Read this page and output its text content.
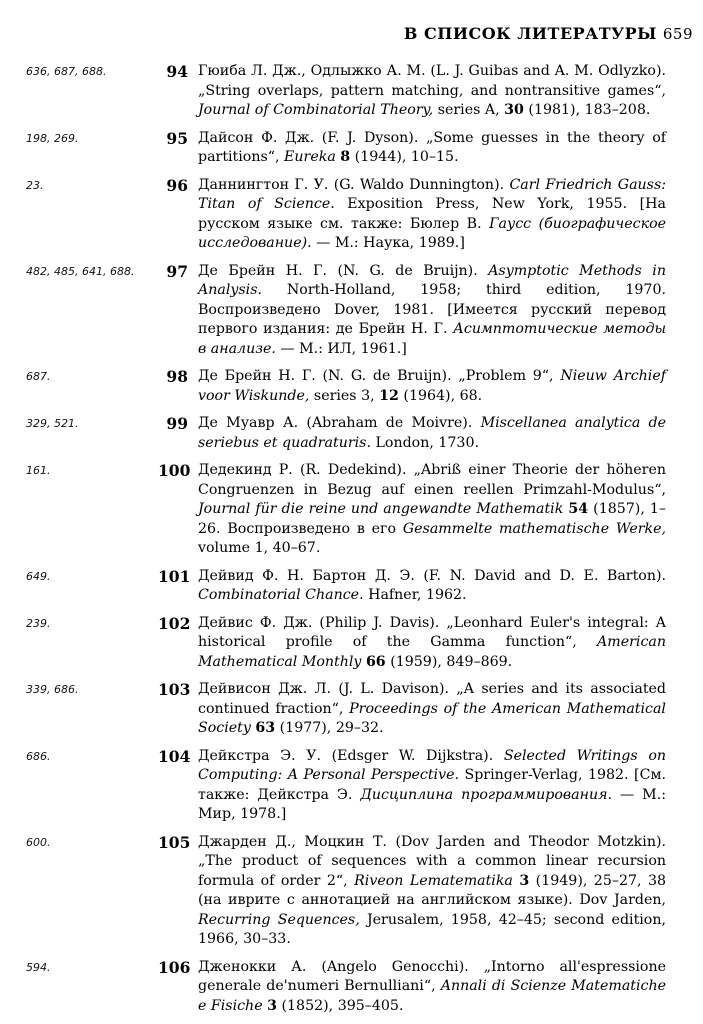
В СПИСОК ЛИТЕРАТУРЫ 659
636, 687, 688.	94 Гюиба Л. Дж., Одлыжко А. М. (L. J. Guibas and A. M. Odlyzko). „String overlaps, pattern matching, and nontransitive games“, Journal of Combinatorial Theory, series A, 30 (1981), 183–208.
198, 269.	95 Дайсон Ф. Дж. (F. J. Dyson). „Some guesses in the theory of partitions“, Eureka 8 (1944), 10–15.
23.	96 Даннингтон Г. У. (G. Waldo Dunnington). Carl Friedrich Gauss: Titan of Science. Exposition Press, New York, 1955. [На русском языке см. также: Бюлер В. Гаусс (биографическое исследование). — М.: Наука, 1989.]
482, 485, 641, 688.	97 Де Брейн Н. Г. (N. G. de Bruijn). Asymptotic Methods in Analysis. North-Holland, 1958; third edition, 1970. Воспроизведено Dover, 1981. [Имеется русский перевод первого издания: де Брейн Н. Г. Асимптотические методы в анализе. — М.: ИЛ, 1961.]
687.	98 Де Брейн Н. Г. (N. G. de Bruijn). „Problem 9“, Nieuw Archief voor Wiskunde, series 3, 12 (1964), 68.
329, 521.	99 Де Муавр А. (Abraham de Moivre). Miscellanea analytica de seriebus et quadraturis. London, 1730.
161.	100 Дедекинд Р. (R. Dedekind). „Abriß einer Theorie der höheren Congruenzen in Bezug auf einen reellen Primzahl-Modulus“, Journal für die reine und angewandte Mathematik 54 (1857), 1–26. Воспроизведено в его Gesammelte mathematische Werke, volume 1, 40–67.
649.	101 Дейвид Ф. Н. Бартон Д. Э. (F. N. David and D. E. Barton). Combinatorial Chance. Hafner, 1962.
239.	102 Дейвис Ф. Дж. (Philip J. Davis). „Leonhard Euler's integral: A historical profile of the Gamma function“, American Mathematical Monthly 66 (1959), 849–869.
339, 686.	103 Дейвисон Дж. Л. (J. L. Davison). „A series and its associated continued fraction“, Proceedings of the American Mathematical Society 63 (1977), 29–32.
686.	104 Дейкстра Э. У. (Edsger W. Dijkstra). Selected Writings on Computing: A Personal Perspective. Springer-Verlag, 1982. [См. также: Дейкстра Э. Дисциплина программирования. — М.: Мир, 1978.]
600.	105 Джарден Д., Моцкин Т. (Dov Jarden and Theodor Motzkin). „The product of sequences with a common linear recursion formula of order 2“, Riveon Lematematika 3 (1949), 25–27, 38 (на иврите с аннотацией на английском языке). Dov Jarden, Recurring Sequences, Jerusalem, 1958, 42–45; second edition, 1966, 30–33.
594.	106 Дженокки А. (Angelo Genocchi). „Intorno all'espressione generale de'numeri Bernulliani“, Annali di Scienze Matematiche e Fisiche 3 (1852), 395–405.
